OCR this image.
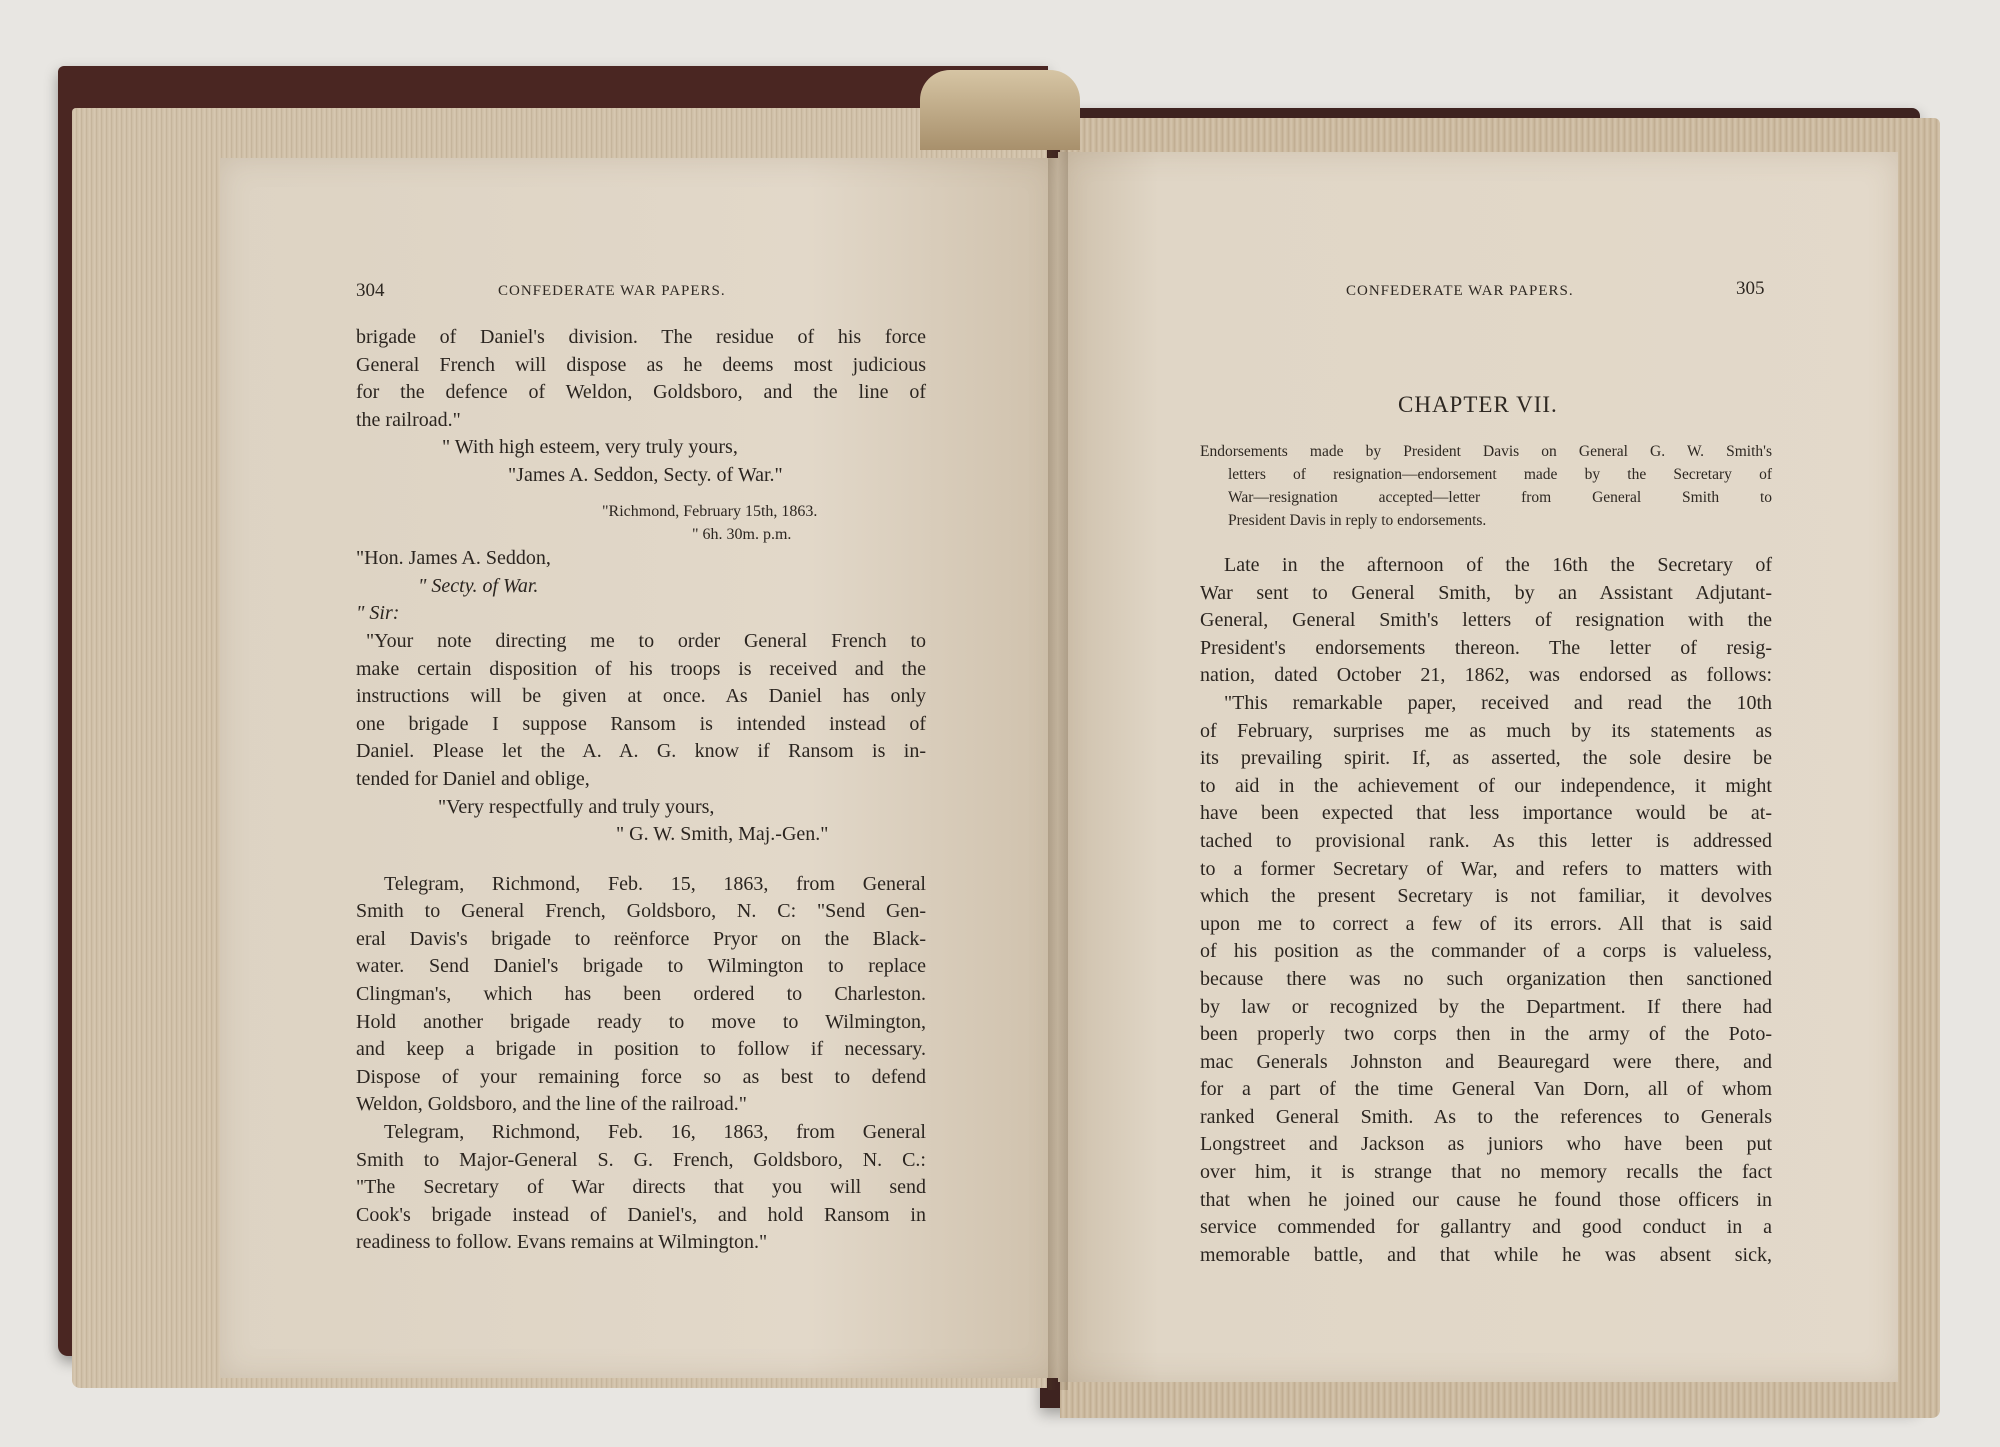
304	CONFEDERATE WAR PAPERS.
brigade of Daniel's division. The residue of his force
General French will dispose as he deems most judicious
for the defence of Weldon, Goldsboro, and the line of
the railroad."
" With high esteem, very truly yours,
"James A. Seddon, Secty. of War."
"Richmond, February 15th, 1863.
" 6h. 30m. p.m.
"Hon. James A. Seddon,
" Secty. of War.
" Sir:
"Your note directing me to order General French to
make certain disposition of his troops is received and the
instructions will be given at once. As Daniel has only
one brigade I suppose Ransom is intended instead of
Daniel. Please let the A. A. G. know if Ransom is in-
tended for Daniel and oblige,
"Very respectfully and truly yours,
" G. W. Smith, Maj.-Gen."
Telegram, Richmond, Feb. 15, 1863, from General
Smith to General French, Goldsboro, N. C: "Send Gen-
eral Davis's brigade to reënforce Pryor on the Black-
water. Send Daniel's brigade to Wilmington to replace
Clingman's, which has been ordered to Charleston.
Hold another brigade ready to move to Wilmington,
and keep a brigade in position to follow if necessary.
Dispose of your remaining force so as best to defend
Weldon, Goldsboro, and the line of the railroad."
Telegram, Richmond, Feb. 16, 1863, from General
Smith to Major-General S. G. French, Goldsboro, N. C.:
"The Secretary of War directs that you will send
Cook's brigade instead of Daniel's, and hold Ransom in
readiness to follow. Evans remains at Wilmington."
CONFEDERATE WAR PAPERS.	305
CHAPTER VII.
Endorsements made by President Davis on General G. W. Smith's
letters of resignation—endorsement made by the Secretary of
War—resignation accepted—letter from General Smith to
President Davis in reply to endorsements.
Late in the afternoon of the 16th the Secretary of
War sent to General Smith, by an Assistant Adjutant-
General, General Smith's letters of resignation with the
President's endorsements thereon. The letter of resig-
nation, dated October 21, 1862, was endorsed as follows:
"This remarkable paper, received and read the 10th
of February, surprises me as much by its statements as
its prevailing spirit. If, as asserted, the sole desire be
to aid in the achievement of our independence, it might
have been expected that less importance would be at-
tached to provisional rank. As this letter is addressed
to a former Secretary of War, and refers to matters with
which the present Secretary is not familiar, it devolves
upon me to correct a few of its errors. All that is said
of his position as the commander of a corps is valueless,
because there was no such organization then sanctioned
by law or recognized by the Department. If there had
been properly two corps then in the army of the Poto-
mac Generals Johnston and Beauregard were there, and
for a part of the time General Van Dorn, all of whom
ranked General Smith. As to the references to Generals
Longstreet and Jackson as juniors who have been put
over him, it is strange that no memory recalls the fact
that when he joined our cause he found those officers in
service commended for gallantry and good conduct in a
memorable battle, and that while he was absent sick,
